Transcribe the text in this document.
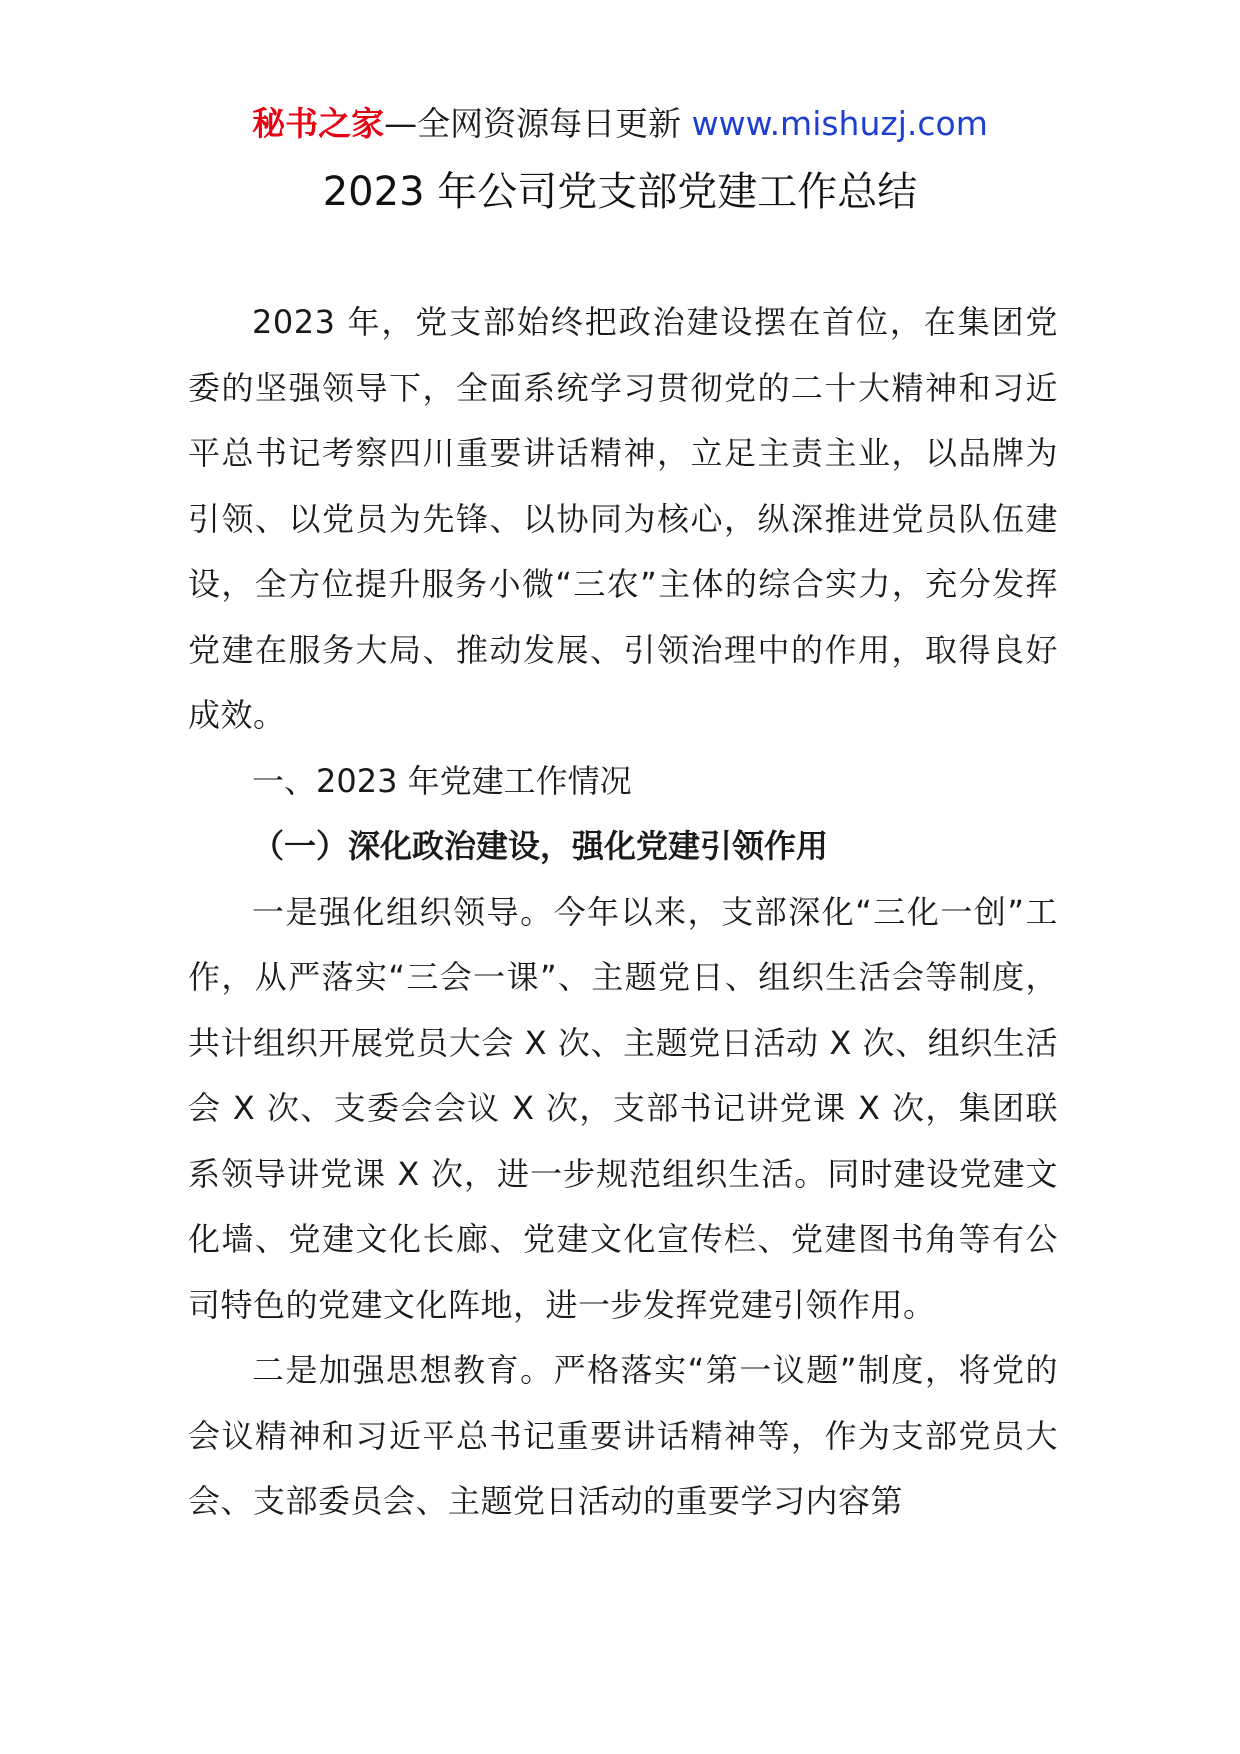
秘书之家—全网资源每日更新 www.mishuzj.com
2023 年公司党支部党建工作总结

2023 年，党支部始终把政治建设摆在首位，在集团党委的坚强领导下，全面系统学习贯彻党的二十大精神和习近平总书记考察四川重要讲话精神，立足主责主业，以品牌为引领、以党员为先锋、以协同为核心，纵深推进党员队伍建设，全方位提升服务小微“三农”主体的综合实力，充分发挥党建在服务大局、推动发展、引领治理中的作用，取得良好成效。

一、2023 年党建工作情况

（一）深化政治建设，强化党建引领作用

一是强化组织领导。今年以来，支部深化“三化一创”工作，从严落实“三会一课”、主题党日、组织生活会等制度，共计组织开展党员大会 X 次、主题党日活动 X 次、组织生活会 X 次、支委会会议 X 次，支部书记讲党课 X 次，集团联系领导讲党课 X 次，进一步规范组织生活。同时建设党建文化墙、党建文化长廊、党建文化宣传栏、党建图书角等有公司特色的党建文化阵地，进一步发挥党建引领作用。

二是加强思想教育。严格落实“第一议题”制度，将党的会议精神和习近平总书记重要讲话精神等，作为支部党员大会、支部委员会、主题党日活动的重要学习内容第
